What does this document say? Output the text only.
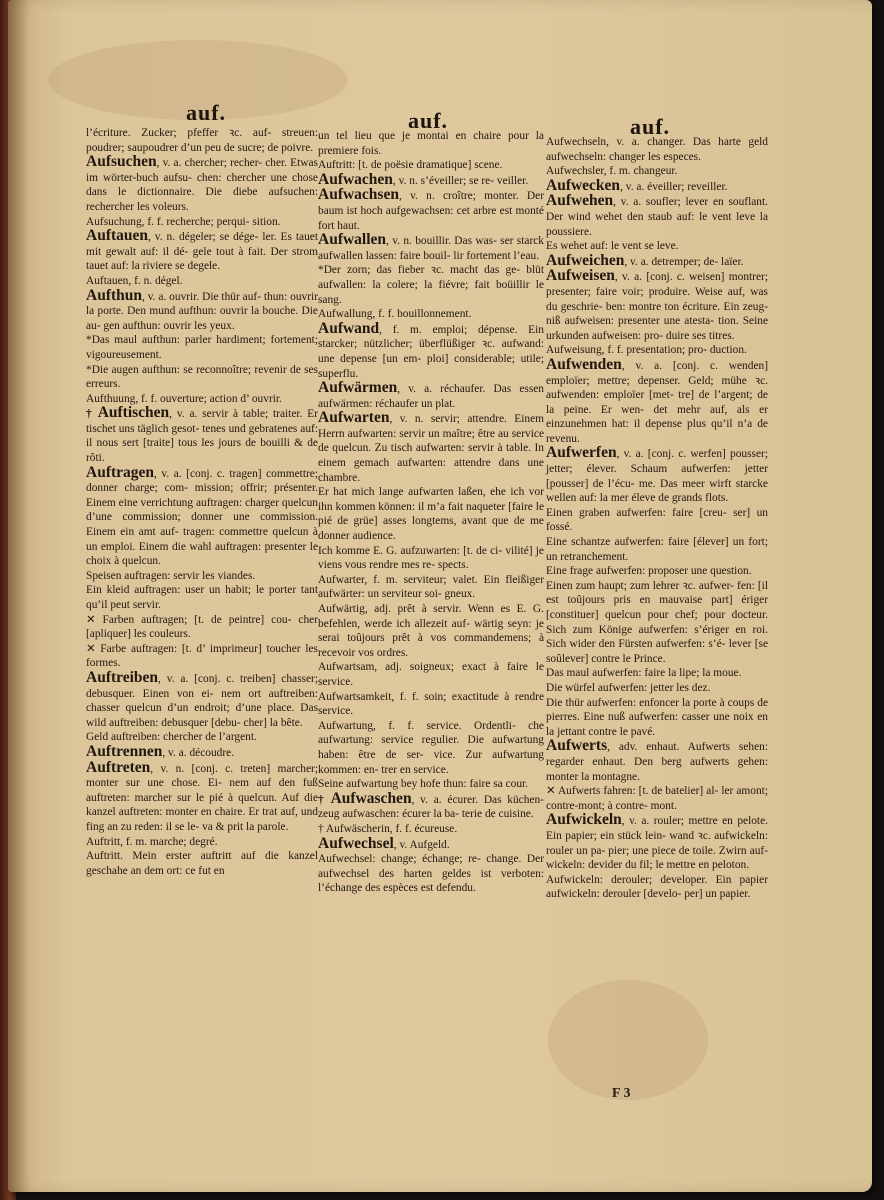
auf.	auf.	auf.

l’écriture. Zucker; pfeffer ꝛc. auf- streuen: poudrer; saupoudrer d’un peu de sucre; de poivre.

Aufsuchen, v. a. chercher; recher- cher. Etwas im wörter-buch aufsu- chen: chercher une chose dans le dictionnaire. Die diebe aufsuchen: rechercher les voleurs.

Aufsuchung, f. f. recherche; perqui- sition.

Auftauen, v. n. dégeler; se dége- ler. Es tauet mit gewalt auf: il dé- gele tout à fait. Der strom tauet auf: la riviere se degele.

Auftauen, f. n. dégel.

Aufthun, v. a. ouvrir. Die thür auf- thun: ouvrir la porte. Den mund aufthun: ouvrir la bouche. Die au- gen aufthun: ouvrir les yeux.

*Das maul aufthun: parler hardiment; fortement; vigoureusement.

*Die augen aufthun: se reconnoître; revenir de ses erreurs.

Aufthuung, f. f. ouverture; action d’ ouvrir.

† Auftischen, v. a. servir à table; traiter. Er tischet uns täglich gesot- tenes und gebratenes auf: il nous sert [traite] tous les jours de bouilli & de rôti.

Auftragen, v. a. [conj. c. tragen] commettre; donner charge; com- mission; offrir; présenter. Einem eine verrichtung auftragen: charger quelcun d’une commission; donner une commission. Einem ein amt auf- tragen: commettre quelcun à un emploi. Einem die wahl auftragen: presenter le choix à quelcun.

Speisen auftragen: servir les viandes.

Ein kleid auftragen: user un habit; le porter tant qu’il peut servir.

✕ Farben auftragen; [t. de peintre] cou- cher [apliquer] les couleurs.

✕ Farbe auftragen: [t. d’ imprimeur] toucher les formes.

Auftreiben, v. a. [conj. c. treiben] chasser; debusquer. Einen von ei- nem ort auftreiben: chasser quelcun d’un endroit; d’une place. Das wild auftreiben: debusquer [debu- cher] la bête.

Geld auftreiben: chercher de l’argent.

Auftrennen, v. a. découdre.

Auftreten, v. n. [conj. c. treten] marcher; monter sur une chose. Ei- nem auf den fuß auftreten: marcher sur le pié à quelcun. Auf die kanzel auftreten: monter en chaire. Er trat auf, und fing an zu reden: il se le- va & prit la parole.

Auftritt, f. m. marche; degré.

Auftritt. Mein erster auftritt auf die kanzel geschahe an dem ort: ce fut en

un tel lieu que je montai en chaire pour la premiere fois.

Auftritt: [t. de poësie dramatique] scene.

Aufwachen, v. n. s’éveiller; se re- veiller.

Aufwachsen, v. n. croître; monter. Der baum ist hoch aufgewachsen: cet arbre est monté fort haut.

Aufwallen, v. n. bouillir. Das was- ser starck aufwallen lassen: faire bouil- lir fortement l’eau.

*Der zorn; das fieber ꝛc. macht das ge- blüt aufwallen: la colere; la fiévre; fait boüillir le sang.

Aufwallung, f. f. bouillonnement.

Aufwand, f. m. emploi; dépense. Ein starcker; nützlicher; überflüßiger ꝛc. aufwand: une depense [un em- ploi] considerable; utile; superflu.

Aufwärmen, v. a. réchaufer. Das essen aufwärmen: réchaufer un plat.

Aufwarten, v. n. servir; attendre. Einem Herrn aufwarten: servir un maître; être au service de quelcun. Zu tisch aufwarten: servir à table. In einem gemach aufwarten: attendre dans une chambre.

Er hat mich lange aufwarten laßen, ehe ich vor ihn kommen können: il m’a fait naqueter [faire le pié de grüe] asses longtems, avant que de me donner audience.

Ich komme E. G. aufzuwarten: [t. de ci- vilité] je viens vous rendre mes re- spects.

Aufwarter, f. m. serviteur; valet. Ein fleißiger aufwärter: un serviteur soi- gneux.

Aufwärtig, adj. prêt à servir. Wenn es E. G. befehlen, werde ich allezeit auf- wärtig seyn: je serai toûjours prêt à vos commandemens; à recevoir vos ordres.

Aufwartsam, adj. soigneux; exact à faire le service.

Aufwartsamkeit, f. f. soin; exactitude à rendre service.

Aufwartung, f. f. service. Ordentli- che aufwartung: service regulier. Die aufwartung haben: être de ser- vice. Zur aufwartung kommen: en- trer en service.

Seine aufwartung bey hofe thun: faire sa cour.

† Aufwaschen, v. a. écurer. Das küchen-zeug aufwaschen: écurer la ba- terie de cuisine.

† Aufwäscherin, f. f. écureuse.

Aufwechsel, v. Aufgeld.

Aufwechsel: change; échange; re- change. Der aufwechsel des harten geldes ist verboten: l’échange des espèces est defendu.

Aufwechseln, v. a. changer. Das harte geld aufwechseln: changer les especes.

Aufwechsler, f. m. changeur.

Aufwecken, v. a. éveiller; reveiller.

Aufwehen, v. a. soufler; lever en souflant. Der wind wehet den staub auf: le vent leve la poussiere.

Es wehet auf: le vent se leve.

Aufweichen, v. a. detremper; de- laïer.

Aufweisen, v. a. [conj. c. weisen] montrer; presenter; faire voir; produire. Weise auf, was du geschrie- ben: montre ton écriture. Ein zeug- niß aufweisen: presenter une atesta- tion. Seine urkunden aufweisen: pro- duire ses titres.

Aufweisung, f. f. presentation; pro- duction.

Aufwenden, v. a. [conj. c. wenden] emploïer; mettre; depenser. Geld; mühe ꝛc. aufwenden: emploïer [met- tre] de l’argent; de la peine. Er wen- det mehr auf, als er einzunehmen hat: il depense plus qu’il n’a de revenu.

Aufwerfen, v. a. [conj. c. werfen] pousser; jetter; élever. Schaum aufwerfen: jetter [pousser] de l’écu- me. Das meer wirft starcke wellen auf: la mer éleve de grands flots.

Einen graben aufwerfen: faire [creu- ser] un fossé.

Eine schantze aufwerfen: faire [élever] un fort; un retranchement.

Eine frage aufwerfen: proposer une question.

Einen zum haupt; zum lehrer ꝛc. aufwer- fen: [il est toûjours pris en mauvaise part] ériger [constituer] quelcun pour chef; pour docteur. Sich zum Könige aufwerfen: s’ériger en roi. Sich wider den Fürsten aufwerfen: s’é- lever [se soûlever] contre le Prince.

Das maul aufwerfen: faire la lipe; la moue.

Die würfel aufwerfen: jetter les dez.

Die thür aufwerfen: enfoncer la porte à coups de pierres. Eine nuß aufwerfen: casser une noix en la jettant contre le pavé.

Aufwerts, adv. enhaut. Aufwerts sehen: regarder enhaut. Den berg aufwerts gehen: monter la montagne.

✕ Aufwerts fahren: [t. de batelier] al- ler amont; contre-mont; à contre- mont.

Aufwickeln, v. a. rouler; mettre en pelote. Ein papier; ein stück lein- wand ꝛc. aufwickeln: rouler un pa- pier; une piece de toile. Zwirn auf- wickeln: devider du fil; le mettre en peloton.

Aufwickeln: derouler; developer. Ein papier aufwickeln: derouler [develo- per] un papier.

F 3
